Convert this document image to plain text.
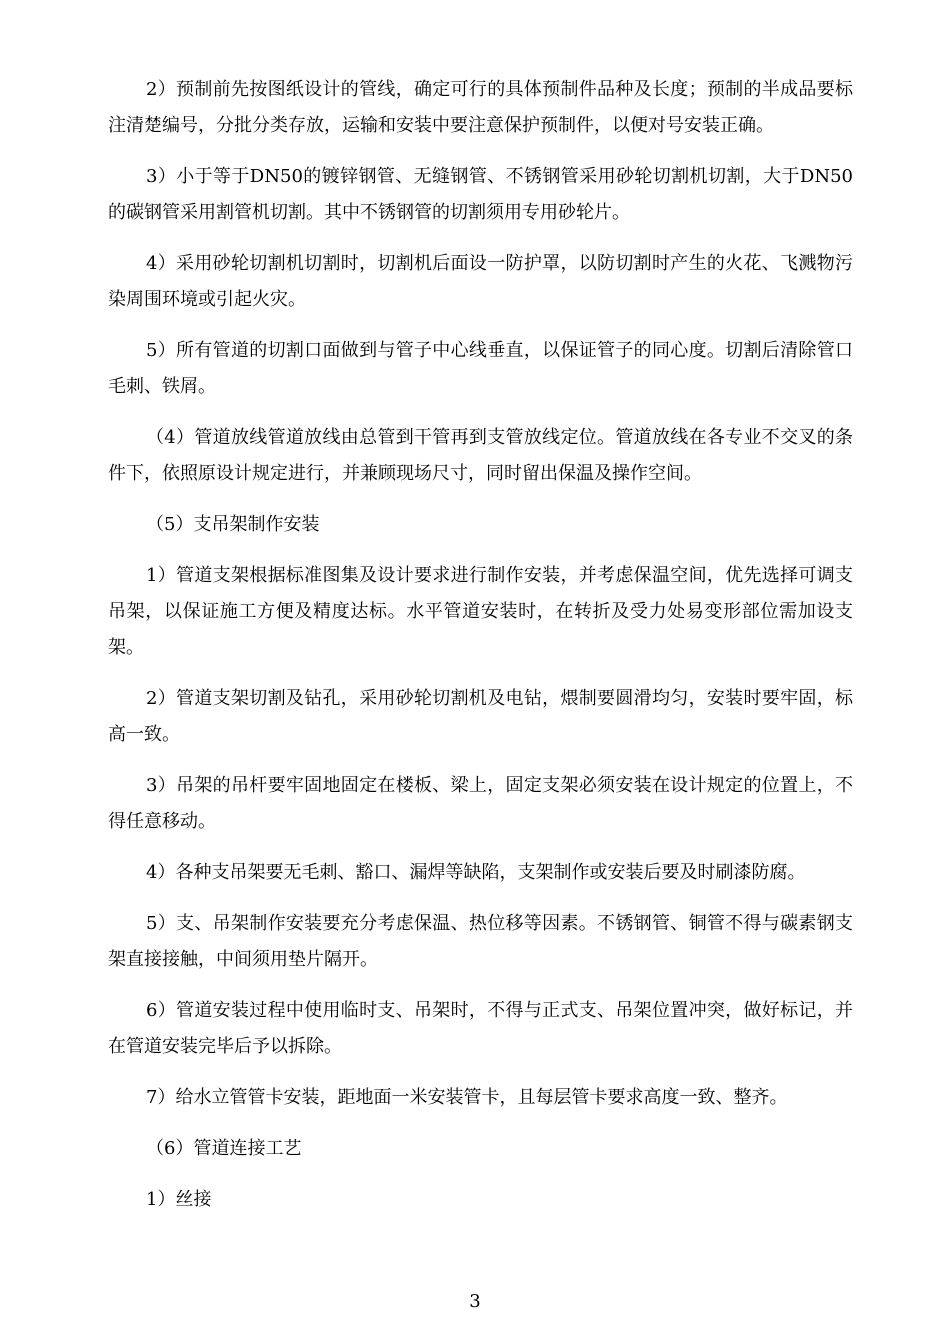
2）预制前先按图纸设计的管线，确定可行的具体预制件品种及长度；预制的半成品要标注清楚编号，分批分类存放，运输和安装中要注意保护预制件，以便对号安装正确。

3）小于等于DN50的镀锌钢管、无缝钢管、不锈钢管采用砂轮切割机切割，大于DN50的碳钢管采用割管机切割。其中不锈钢管的切割须用专用砂轮片。

4）采用砂轮切割机切割时，切割机后面设一防护罩，以防切割时产生的火花、飞溅物污染周围环境或引起火灾。

5）所有管道的切割口面做到与管子中心线垂直，以保证管子的同心度。切割后清除管口毛刺、铁屑。

（4）管道放线管道放线由总管到干管再到支管放线定位。管道放线在各专业不交叉的条件下，依照原设计规定进行，并兼顾现场尺寸，同时留出保温及操作空间。

（5）支吊架制作安装

1）管道支架根据标准图集及设计要求进行制作安装，并考虑保温空间，优先选择可调支吊架，以保证施工方便及精度达标。水平管道安装时，在转折及受力处易变形部位需加设支架。

2）管道支架切割及钻孔，采用砂轮切割机及电钻，煨制要圆滑均匀，安装时要牢固，标高一致。

3）吊架的吊杆要牢固地固定在楼板、梁上，固定支架必须安装在设计规定的位置上，不得任意移动。

4）各种支吊架要无毛刺、豁口、漏焊等缺陷，支架制作或安装后要及时刷漆防腐。

5）支、吊架制作安装要充分考虑保温、热位移等因素。不锈钢管、铜管不得与碳素钢支架直接接触，中间须用垫片隔开。

6）管道安装过程中使用临时支、吊架时，不得与正式支、吊架位置冲突，做好标记，并在管道安装完毕后予以拆除。

7）给水立管管卡安装，距地面一米安装管卡，且每层管卡要求高度一致、整齐。

（6）管道连接工艺

1）丝接

3
